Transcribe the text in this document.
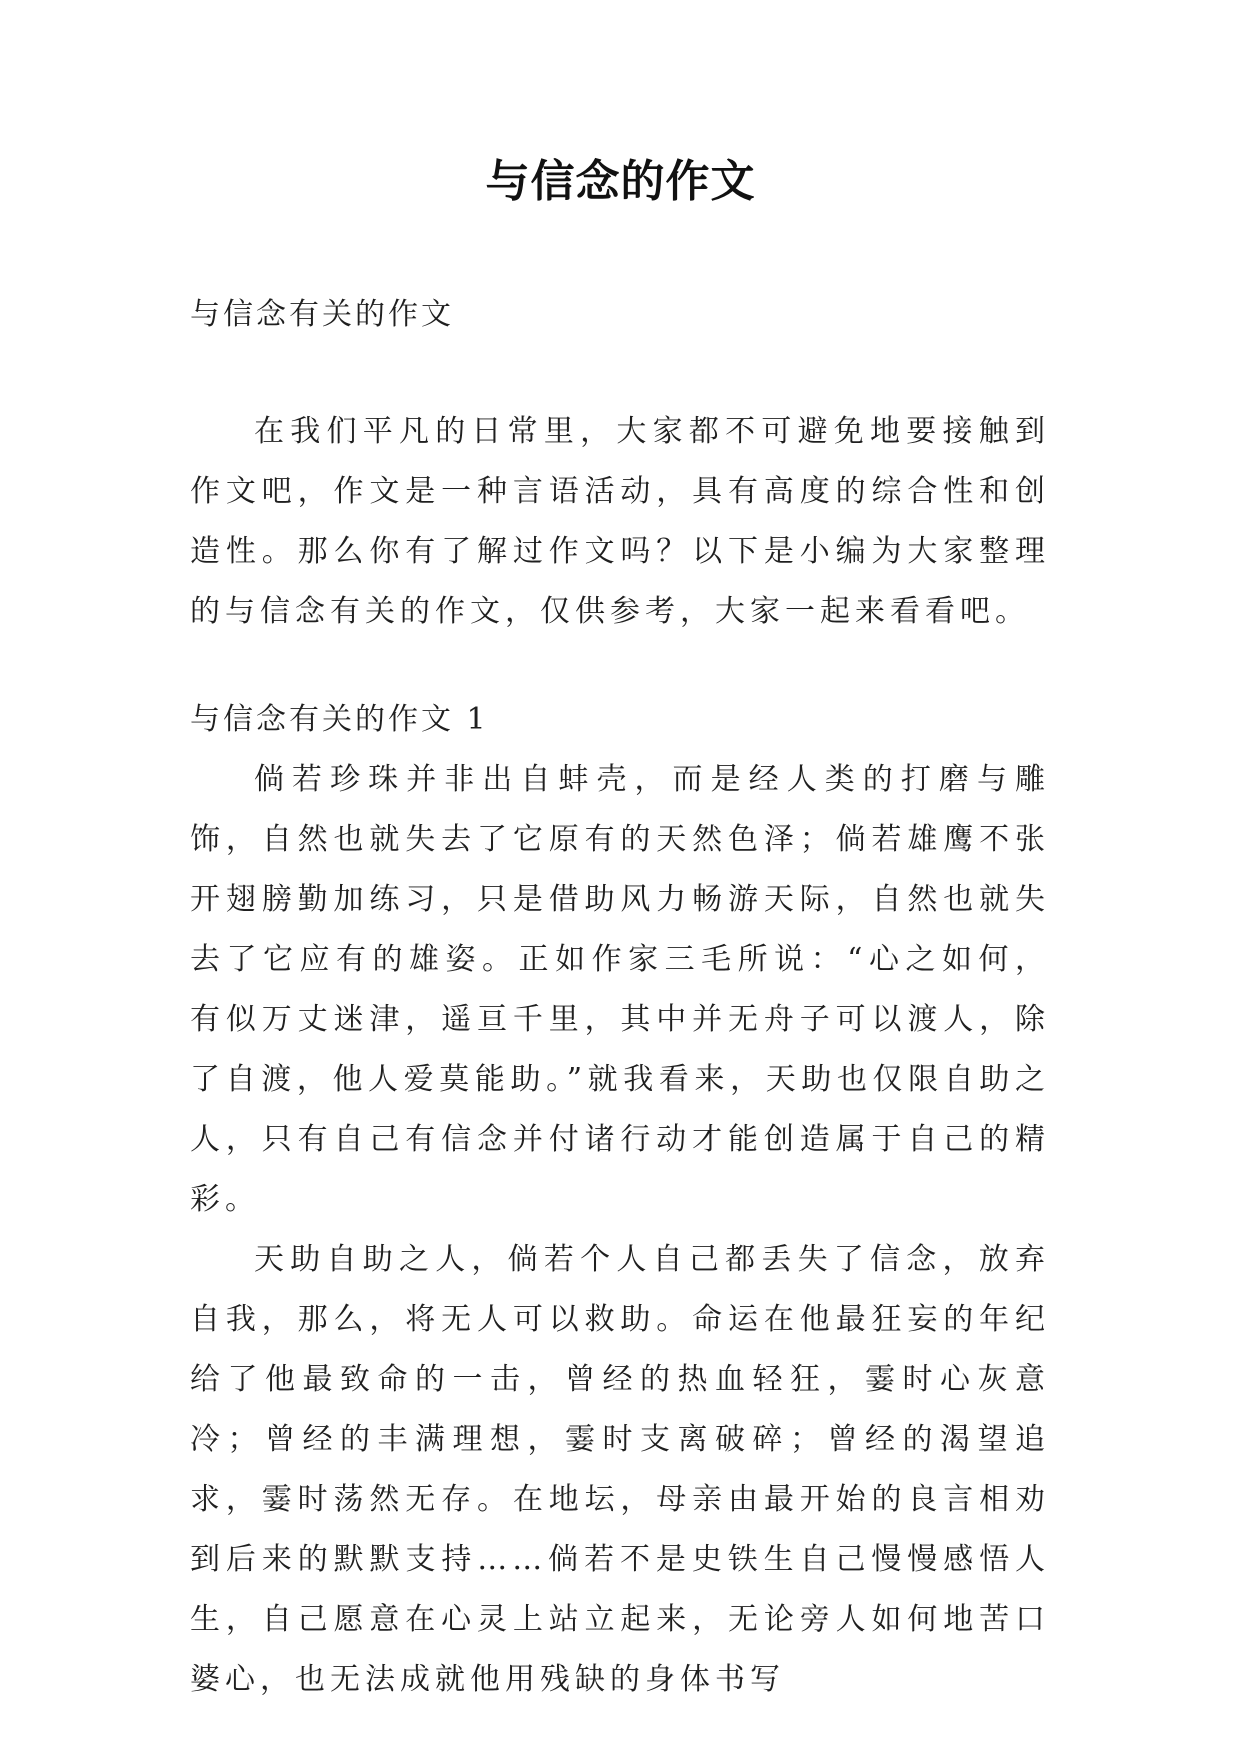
与信念的作文
与信念有关的作文

在我们平凡的日常里，大家都不可避免地要接触到作文吧，作文是一种言语活动，具有高度的综合性和创造性。那么你有了解过作文吗？以下是小编为大家整理的与信念有关的作文，仅供参考，大家一起来看看吧。

与信念有关的作文 1

倘若珍珠并非出自蚌壳，而是经人类的打磨与雕饰，自然也就失去了它原有的天然色泽；倘若雄鹰不张开翅膀勤加练习，只是借助风力畅游天际，自然也就失去了它应有的雄姿。正如作家三毛所说：“心之如何，有似万丈迷津，遥亘千里，其中并无舟子可以渡人，除了自渡，他人爱莫能助。”就我看来，天助也仅限自助之人，只有自己有信念并付诸行动才能创造属于自己的精彩。

天助自助之人，倘若个人自己都丢失了信念，放弃自我，那么，将无人可以救助。命运在他最狂妄的年纪给了他最致命的一击，曾经的热血轻狂，霎时心灰意冷；曾经的丰满理想，霎时支离破碎；曾经的渴望追求，霎时荡然无存。在地坛，母亲由最开始的良言相劝到后来的默默支持……倘若不是史铁生自己慢慢感悟人生，自己愿意在心灵上站立起来，无论旁人如何地苦口婆心，也无法成就他用残缺的身体书写
